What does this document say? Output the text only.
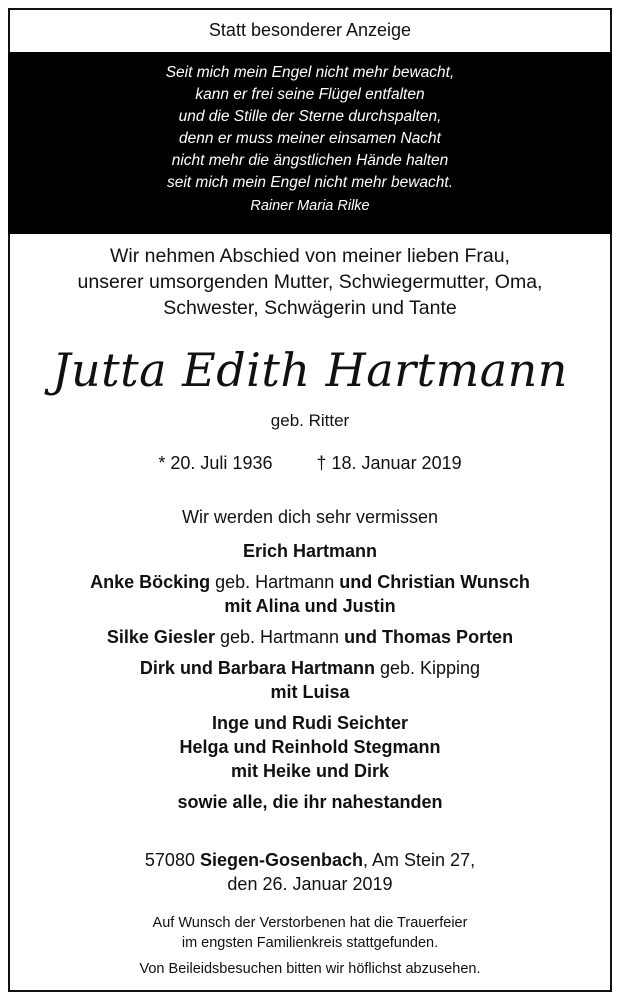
Statt besonderer Anzeige
Seit mich mein Engel nicht mehr bewacht,
kann er frei seine Flügel entfalten
und die Stille der Sterne durchspalten,
denn er muss meiner einsamen Nacht
nicht mehr die ängstlichen Hände halten
seit mich mein Engel nicht mehr bewacht.
Rainer Maria Rilke
Wir nehmen Abschied von meiner lieben Frau,
unserer umsorgenden Mutter, Schwiegermutter, Oma,
Schwester, Schwägerin und Tante
Jutta Edith Hartmann
geb. Ritter
* 20. Juli 1936 † 18. Januar 2019
Wir werden dich sehr vermissen
Erich Hartmann
Anke Böcking geb. Hartmann und Christian Wunsch
mit Alina und Justin
Silke Giesler geb. Hartmann und Thomas Porten
Dirk und Barbara Hartmann geb. Kipping
mit Luisa
Inge und Rudi Seichter
Helga und Reinhold Stegmann
mit Heike und Dirk
sowie alle, die ihr nahestanden
57080 Siegen-Gosenbach, Am Stein 27,
den 26. Januar 2019
Auf Wunsch der Verstorbenen hat die Trauerfeier
im engsten Familienkreis stattgefunden.
Von Beileidsbesuchen bitten wir höflichst abzusehen.
